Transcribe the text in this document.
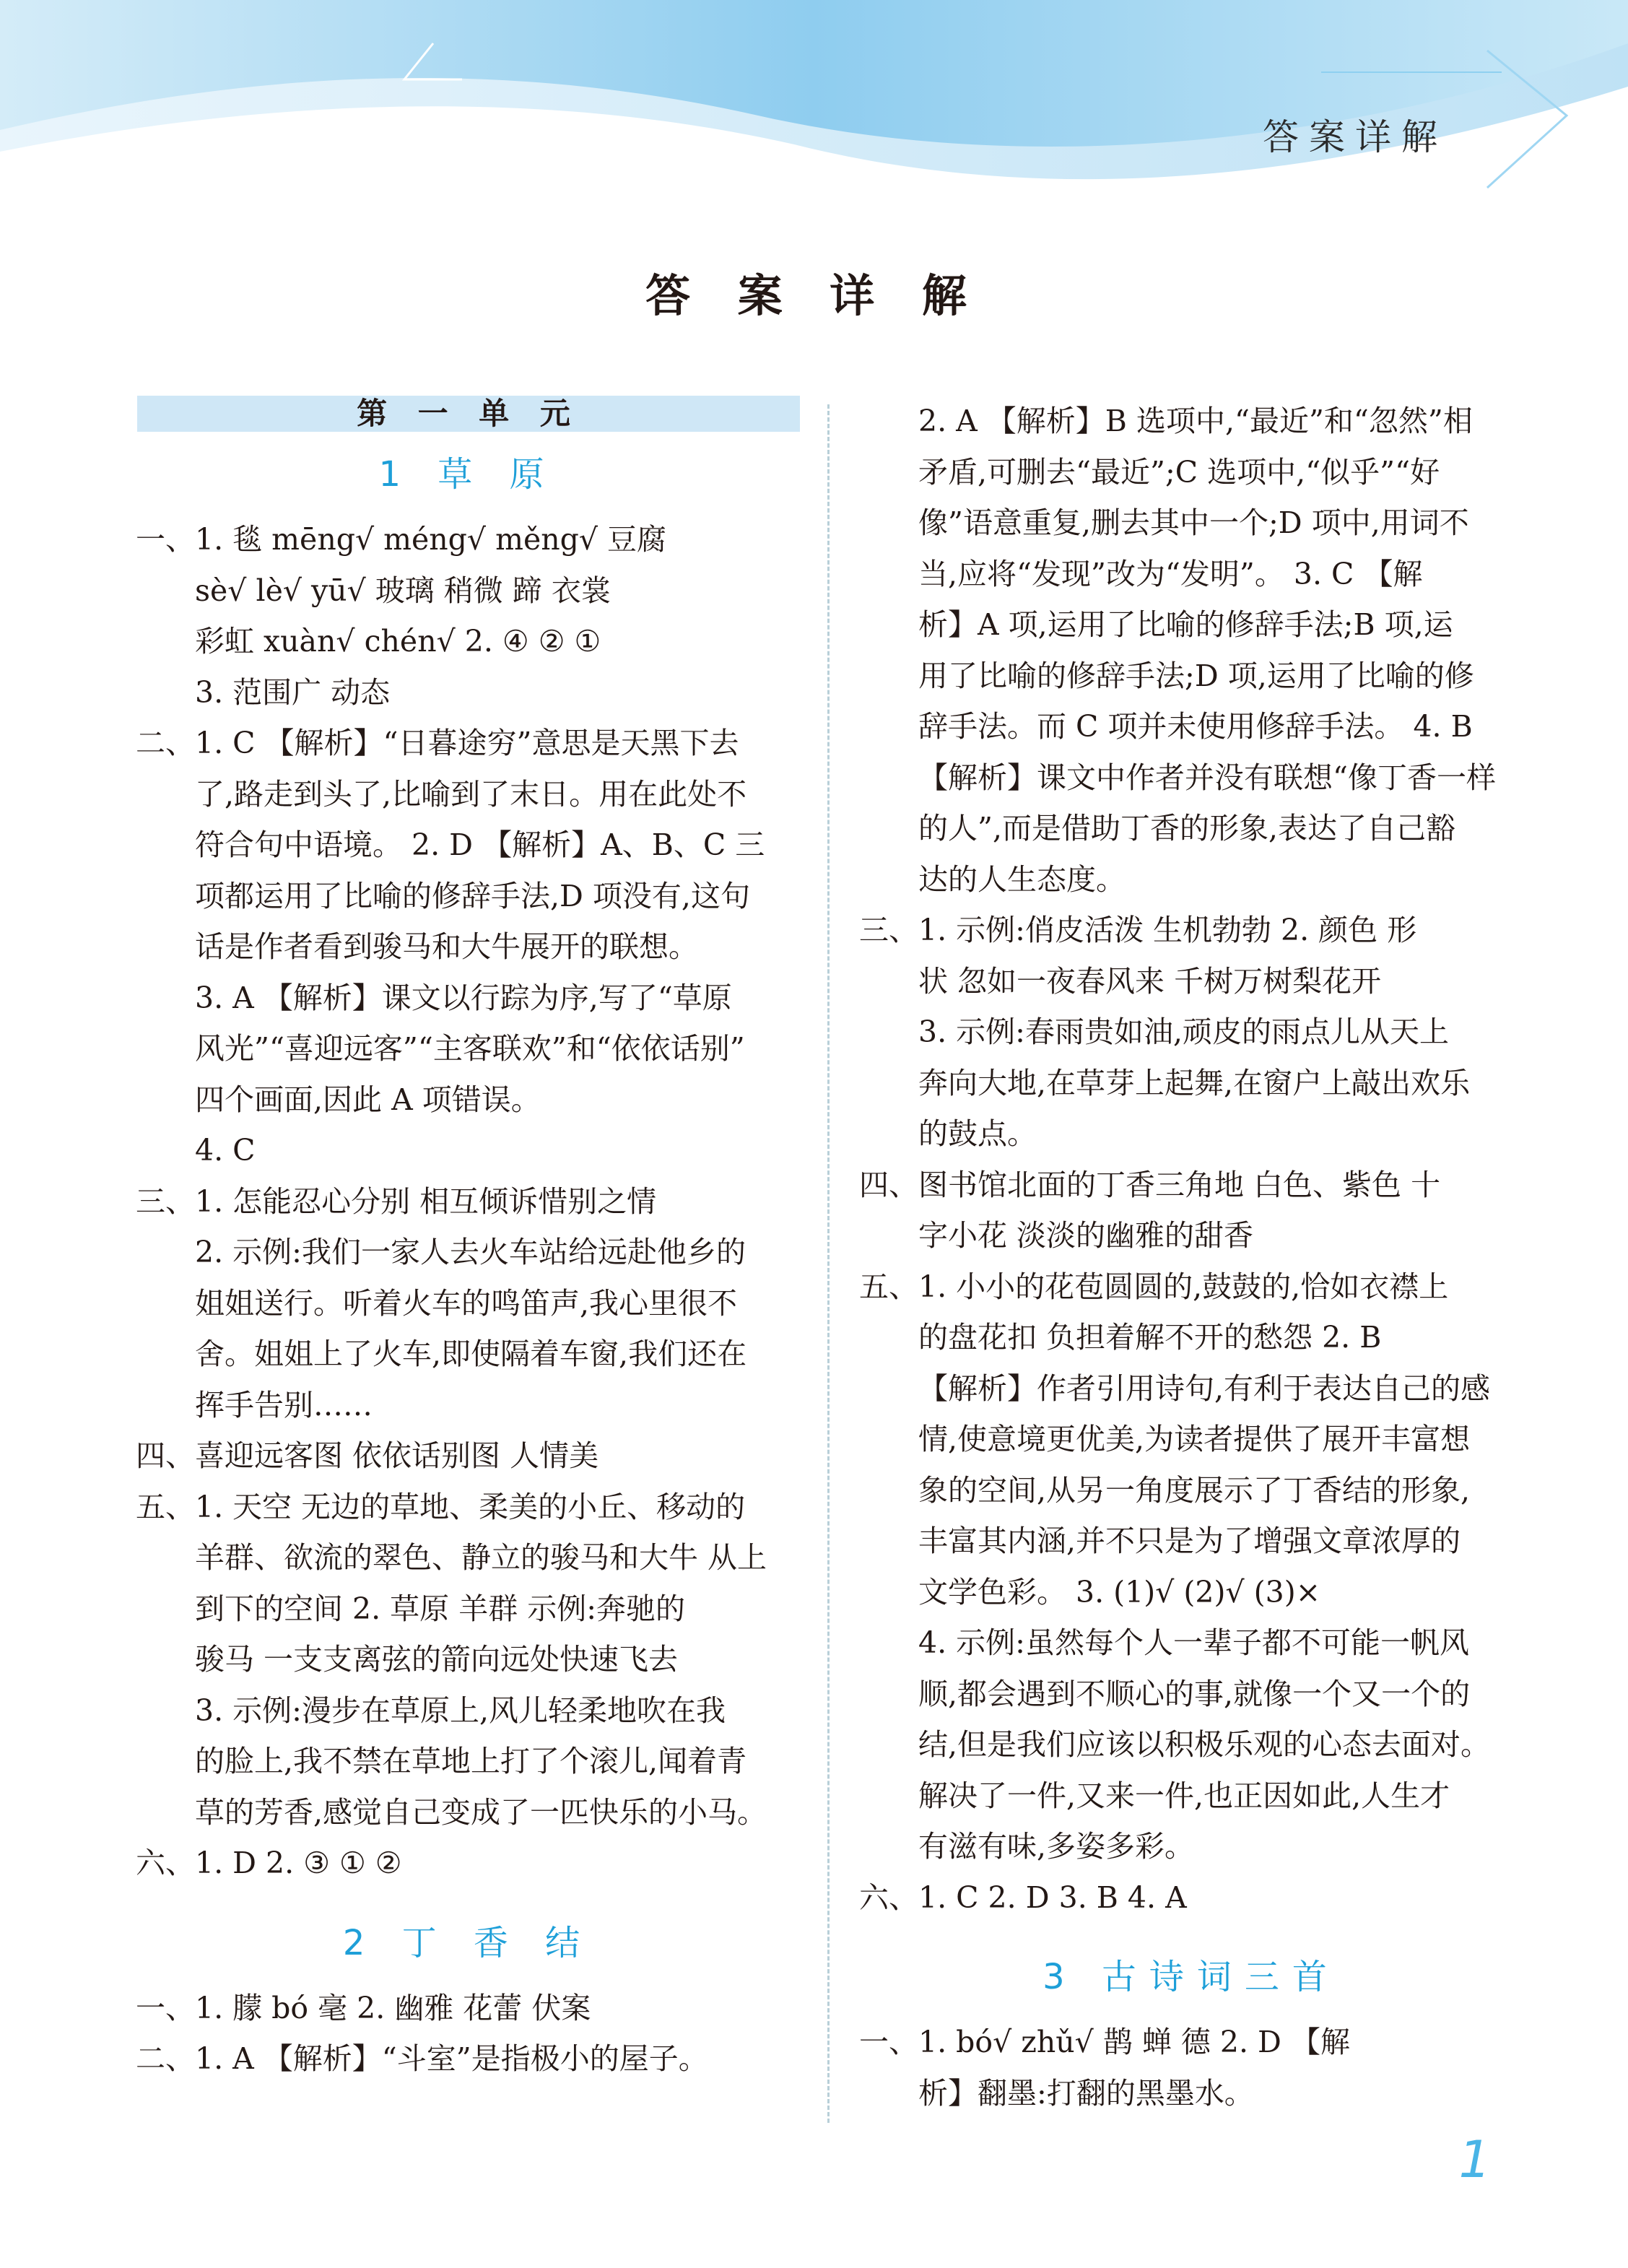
答案详解
答 案 详 解
第 一 单 元
1 草 原
一、1. 毯 mēng√ méng√ měng√ 豆腐
sè√ lè√ yū√ 玻璃 稍微 蹄 衣裳
彩虹 xuàn√ chén√ 2. ④ ② ①
3. 范围广 动态
二、1. C 【解析】“日暮途穷”意思是天黑下去
了,路走到头了,比喻到了末日。用在此处不
符合句中语境。 2. D 【解析】A、B、C 三
项都运用了比喻的修辞手法,D 项没有,这句
话是作者看到骏马和大牛展开的联想。
3. A 【解析】课文以行踪为序,写了“草原
风光”“喜迎远客”“主客联欢”和“依依话别”
四个画面,因此 A 项错误。
4. C
三、1. 怎能忍心分别 相互倾诉惜别之情
2. 示例:我们一家人去火车站给远赴他乡的
姐姐送行。听着火车的鸣笛声,我心里很不
舍。姐姐上了火车,即使隔着车窗,我们还在
挥手告别……
四、喜迎远客图 依依话别图 人情美
五、1. 天空 无边的草地、柔美的小丘、移动的
羊群、欲流的翠色、静立的骏马和大牛 从上
到下的空间 2. 草原 羊群 示例:奔驰的
骏马 一支支离弦的箭向远处快速飞去
3. 示例:漫步在草原上,风儿轻柔地吹在我
的脸上,我不禁在草地上打了个滚儿,闻着青
草的芳香,感觉自己变成了一匹快乐的小马。
六、1. D 2. ③ ① ②
2 丁 香 结
一、1. 朦 bó 毫 2. 幽雅 花蕾 伏案
二、1. A 【解析】“斗室”是指极小的屋子。
2. A 【解析】B 选项中,“最近”和“忽然”相
矛盾,可删去“最近”;C 选项中,“似乎”“好
像”语意重复,删去其中一个;D 项中,用词不
当,应将“发现”改为“发明”。 3. C 【解
析】A 项,运用了比喻的修辞手法;B 项,运
用了比喻的修辞手法;D 项,运用了比喻的修
辞手法。而 C 项并未使用修辞手法。 4. B
【解析】课文中作者并没有联想“像丁香一样
的人”,而是借助丁香的形象,表达了自己豁
达的人生态度。
三、1. 示例:俏皮活泼 生机勃勃 2. 颜色 形
状 忽如一夜春风来 千树万树梨花开
3. 示例:春雨贵如油,顽皮的雨点儿从天上
奔向大地,在草芽上起舞,在窗户上敲出欢乐
的鼓点。
四、图书馆北面的丁香三角地 白色、紫色 十
字小花 淡淡的幽雅的甜香
五、1. 小小的花苞圆圆的,鼓鼓的,恰如衣襟上
的盘花扣 负担着解不开的愁怨 2. B
【解析】作者引用诗句,有利于表达自己的感
情,使意境更优美,为读者提供了展开丰富想
象的空间,从另一角度展示了丁香结的形象,
丰富其内涵,并不只是为了增强文章浓厚的
文学色彩。 3. (1)√ (2)√ (3)×
4. 示例:虽然每个人一辈子都不可能一帆风
顺,都会遇到不顺心的事,就像一个又一个的
结,但是我们应该以积极乐观的心态去面对。
解决了一件,又来一件,也正因如此,人生才
有滋有味,多姿多彩。
六、1. C 2. D 3. B 4. A
3 古诗词三首
一、1. bó√ zhǔ√ 鹊 蝉 德 2. D 【解
析】翻墨:打翻的黑墨水。
1
